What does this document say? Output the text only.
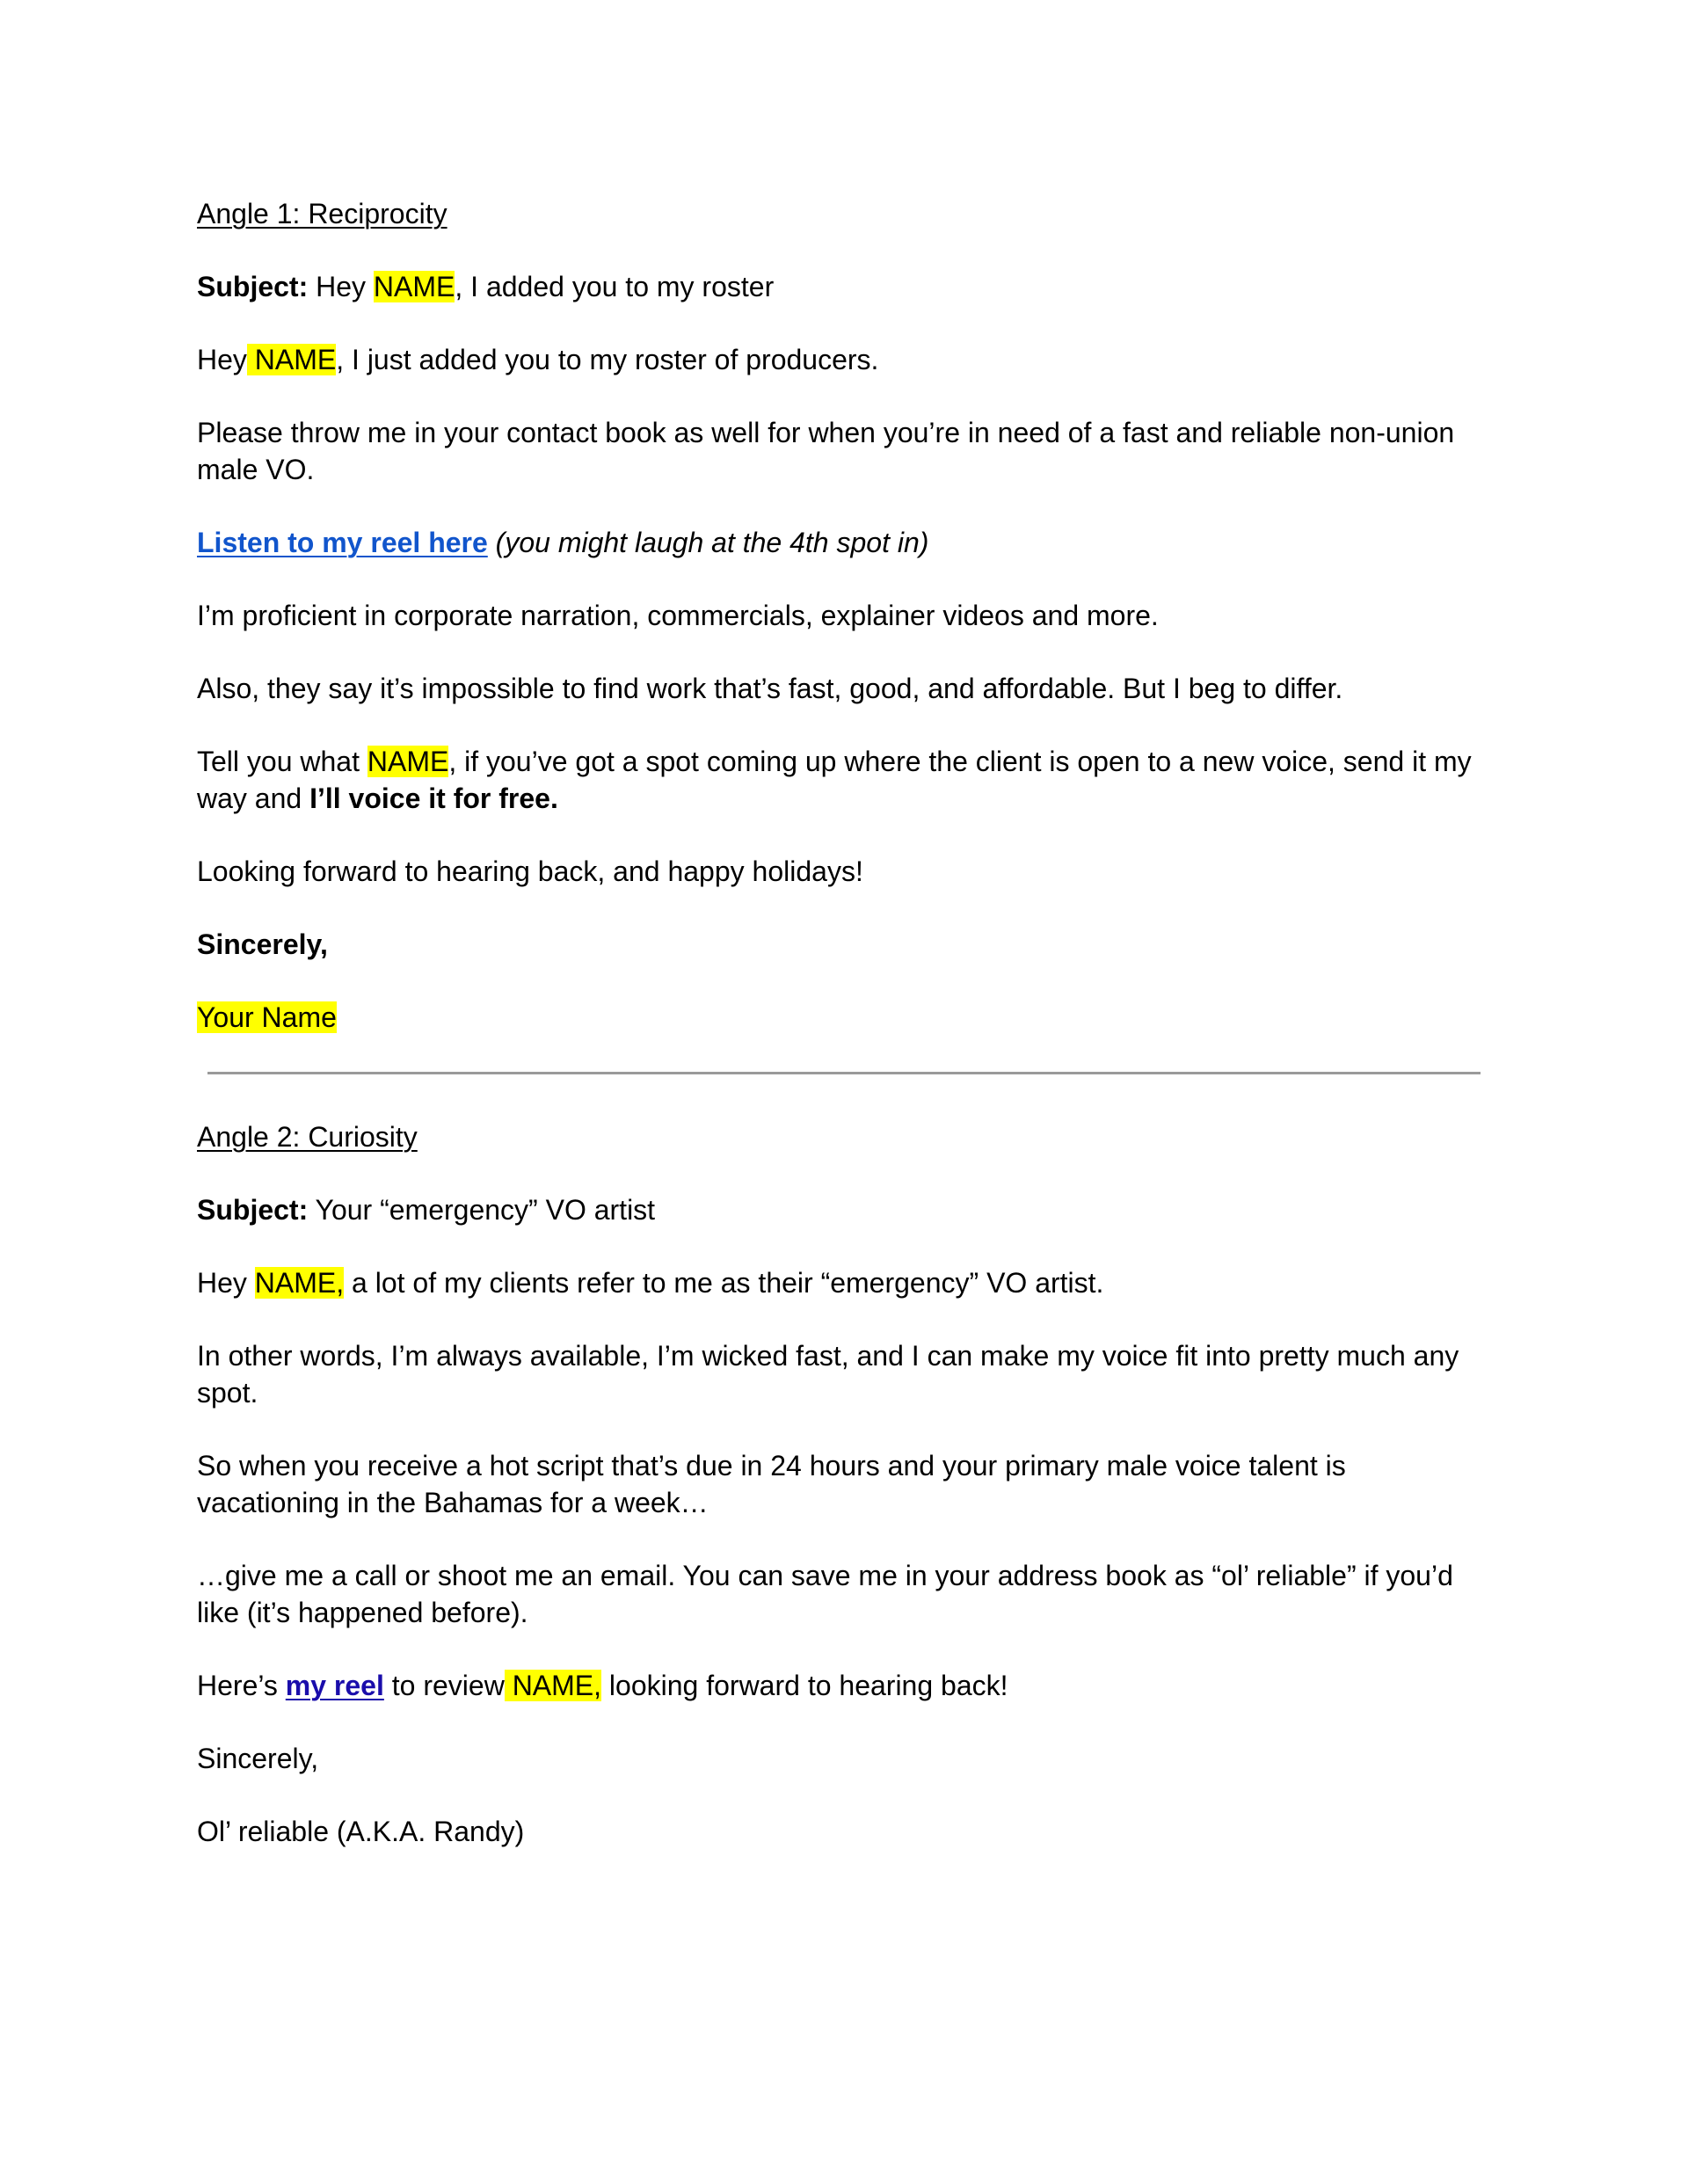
Angle 1: Reciprocity

Subject: Hey NAME, I added you to my roster

Hey NAME, I just added you to my roster of producers.

Please throw me in your contact book as well for when you’re in need of a fast and reliable non-union male VO.

Listen to my reel here (you might laugh at the 4th spot in)

I’m proficient in corporate narration, commercials, explainer videos and more.

Also, they say it’s impossible to find work that’s fast, good, and affordable. But I beg to differ.

Tell you what NAME, if you’ve got a spot coming up where the client is open to a new voice, send it my way and I’ll voice it for free.

Looking forward to hearing back, and happy holidays!

Sincerely,

Your Name

Angle 2: Curiosity

Subject: Your “emergency” VO artist

Hey NAME, a lot of my clients refer to me as their “emergency” VO artist.

In other words, I’m always available, I’m wicked fast, and I can make my voice fit into pretty much any spot.

So when you receive a hot script that’s due in 24 hours and your primary male voice talent is vacationing in the Bahamas for a week…

…give me a call or shoot me an email. You can save me in your address book as “ol’ reliable” if you’d like (it’s happened before).

Here’s my reel to review NAME, looking forward to hearing back!

Sincerely,

Ol’ reliable (A.K.A. Randy)
